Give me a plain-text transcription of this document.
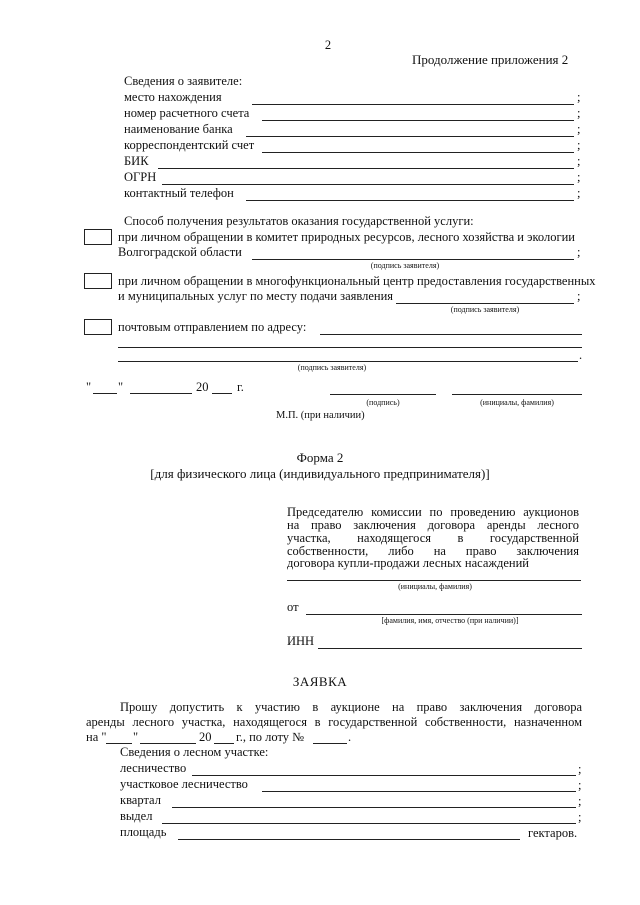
2
Продолжение приложения 2
Сведения о заявителе:
место нахождения	;
номер расчетного счета	;
наименование банка	;
корреспондентский счет	;
БИК	;
ОГРН	;
контактный телефон	;
Способ получения результатов оказания государственной услуги:
при личном обращении в комитет природных ресурсов, лесного хозяйства и экологии
Волгоградской области	;
(подпись заявителя)
при личном обращении в многофункциональный центр предоставления государственных
и муниципальных услуг по месту подачи заявления	;
(подпись заявителя)
почтовым отправлением по адресу:
.
(подпись заявителя)
" "	20 г.
(подпись)	(инициалы, фамилия)
М.П. (при наличии)
Форма 2
[для физического лица (индивидуального предпринимателя)]
Председателю комиссии по проведению аукционов
на право заключения договора аренды лесного
участка, находящегося в государственной
собственности, либо на право заключения
договора купли-продажи лесных насаждений
(инициалы, фамилия)
от
[фамилия, имя, отчество (при наличии)]
ИНН
ЗАЯВКА
Прошу допустить к участию в аукционе на право заключения договора
аренды лесного участка, находящегося в государственной собственности, назначенном
на " "	20 г., по лоту №	.
Сведения о лесном участке:
лесничество	;
участковое лесничество	;
квартал	;
выдел	;
площадь	гектаров.
